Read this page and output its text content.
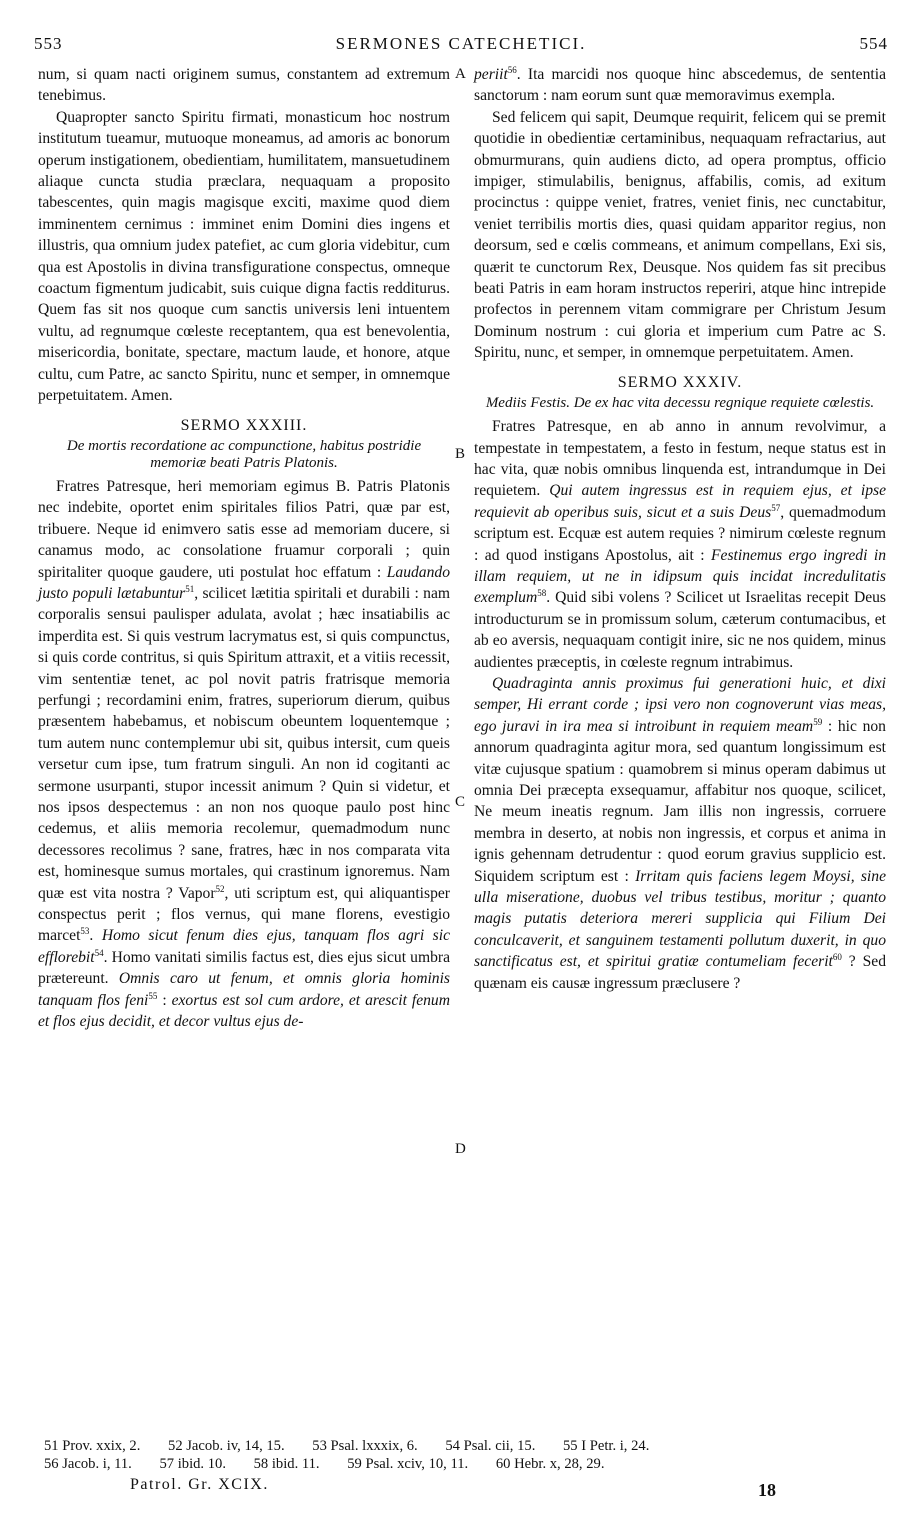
553	SERMONES CATECHETICI.	554
A
B
C
D

num, si quam nacti originem sumus, constantem ad extremum tenebimus.

Quapropter sancto Spiritu firmati, monasticum hoc nostrum institutum tueamur, mutuoque moneamus, ad amoris ac bonorum operum instigationem, obedientiam, humilitatem, mansuetudinem aliaque cuncta studia præclara, nequaquam a proposito tabescentes, quin magis magisque exciti, maxime quod diem imminentem cernimus : imminet enim Domini dies ingens et illustris, qua omnium judex patefiet, ac cum gloria videbitur, cum qua est Apostolis in divina transfiguratione conspectus, omneque coactum figmentum judicabit, suis cuique digna factis redditurus. Quem fas sit nos quoque cum sanctis universis leni intuentem vultu, ad regnumque cœleste receptantem, qua est benevolentia, misericordia, bonitate, spectare, mactum laude, et honore, atque cultu, cum Patre, ac sancto Spiritu, nunc et semper, in omnemque perpetuitatem. Amen.

SERMO XXXIII.
De mortis recordatione ac compunctione, habitus postridie memoriæ beati Patris Platonis.

Fratres Patresque, heri memoriam egimus B. Patris Platonis nec indebite, oportet enim spiritales filios Patri, quæ par est, tribuere. Neque id enimvero satis esse ad memoriam ducere, si canamus modo, ac consolatione fruamur corporali ; quin spiritaliter quoque gaudere, uti postulat hoc effatum : Laudando justo populi lætabuntur$^{51}$, scilicet lætitia spiritali et durabili : nam corporalis sensui paulisper adulata, avolat ; hæc insatiabilis ac imperdita est. Si quis vestrum lacrymatus est, si quis compunctus, si quis corde contritus, si quis Spiritum attraxit, et a vitiis recessit, vim sententiæ tenet, ac pol novit patris fratrisque memoria perfungi ; recordamini enim, fratres, superiorum dierum, quibus præsentem habebamus, et nobiscum obeuntem loquentemque ; tum autem nunc contemplemur ubi sit, quibus intersit, cum queis versetur cum ipse, tum fratrum singuli. An non id cogitanti ac sermone usurpanti, stupor incessit animum ? Quin si videtur, et nos ipsos despectemus : an non nos quoque paulo post hinc cedemus, et aliis memoria recolemur, quemadmodum nunc decessores recolimus ? sane, fratres, hæc in nos comparata vita est, hominesque sumus mortales, qui crastinum ignoremus. Nam quæ est vita nostra ? Vapor$^{52}$, uti scriptum est, qui aliquantisper conspectus perit ; flos vernus, qui mane florens, evestigio marcet$^{53}$. Homo sicut fenum dies ejus, tanquam flos agri sic efflorebit$^{54}$. Homo vanitati similis factus est, dies ejus sicut umbra prætereunt. Omnis caro ut fenum, et omnis gloria hominis tanquam flos feni$^{55}$ : exortus est sol cum ardore, et arescit fenum et flos ejus decidit, et decor vultus ejus de-

periit$^{56}$. Ita marcidi nos quoque hinc abscedemus, de sententia sanctorum : nam eorum sunt quæ memoravimus exempla.

Sed felicem qui sapit, Deumque requirit, felicem qui se premit quotidie in obedientiæ certaminibus, nequaquam refractarius, aut obmurmurans, quin audiens dicto, ad opera promptus, officio impiger, stimulabilis, benignus, affabilis, comis, ad exitum procinctus : quippe veniet, fratres, veniet finis, nec cunctabitur, veniet terribilis mortis dies, quasi quidam apparitor regius, non deorsum, sed e cœlis commeans, et animum compellans, Exi sis, quærit te cunctorum Rex, Deusque. Nos quidem fas sit precibus beati Patris in eam horam instructos reperiri, atque hinc intrepide profectos in perennem vitam commigrare per Christum Jesum Dominum nostrum : cui gloria et imperium cum Patre ac S. Spiritu, nunc, et semper, in omnemque perpetuitatem. Amen.

SERMO XXXIV.
Mediis Festis. De ex hac vita decessu regnique requiete cœlestis.

Fratres Patresque, en ab anno in annum revolvimur, a tempestate in tempestatem, a festo in festum, neque status est in hac vita, quæ nobis omnibus linquenda est, intrandumque in Dei requietem. Qui autem ingressus est in requiem ejus, et ipse requievit ab operibus suis, sicut et a suis Deus$^{57}$, quemadmodum scriptum est. Ecquæ est autem requies ? nimirum cœleste regnum : ad quod instigans Apostolus, ait : Festinemus ergo ingredi in illam requiem, ut ne in idipsum quis incidat incredulitatis exemplum$^{58}$. Quid sibi volens ? Scilicet ut Israelitas recepit Deus introducturum se in promissum solum, cæterum contumacibus, et ab eo aversis, nequaquam contigit inire, sic ne nos quidem, minus audientes præceptis, in cœleste regnum intrabimus.

Quadraginta annis proximus fui generationi huic, et dixi semper, Hi errant corde ; ipsi vero non cognoverunt vias meas, ego juravi in ira mea si introibunt in requiem meam$^{59}$ : hic non annorum quadraginta agitur mora, sed quantum longissimum est vitæ cujusque spatium : quamobrem si minus operam dabimus ut omnia Dei præcepta exsequamur, affabitur nos quoque, scilicet, Ne meum ineatis regnum. Jam illis non ingressis, corruere membra in deserto, at nobis non ingressis, et corpus et anima in ignis gehennam detrudentur : quod eorum gravius supplicio est. Siquidem scriptum est : Irritam quis faciens legem Moysi, sine ulla miseratione, duobus vel tribus testibus, moritur ; quanto magis putatis deteriora mereri supplicia qui Filium Dei conculcaverit, et sanguinem testamenti pollutum duxerit, in quo sanctificatus est, et spiritui gratiæ contumeliam fecerit$^{60}$ ? Sed quænam eis causæ ingressum præclusere ?

51 Prov. xxix, 2. 52 Jacob. iv, 14, 15. 53 Psal. lxxxix, 6. 54 Psal. cii, 15. 55 I Petr. i, 24.
56 Jacob. i, 11. 57 ibid. 10. 58 ibid. 11. 59 Psal. xciv, 10, 11. 60 Hebr. x, 28, 29.
Patrol. Gr. XCIX.	18
